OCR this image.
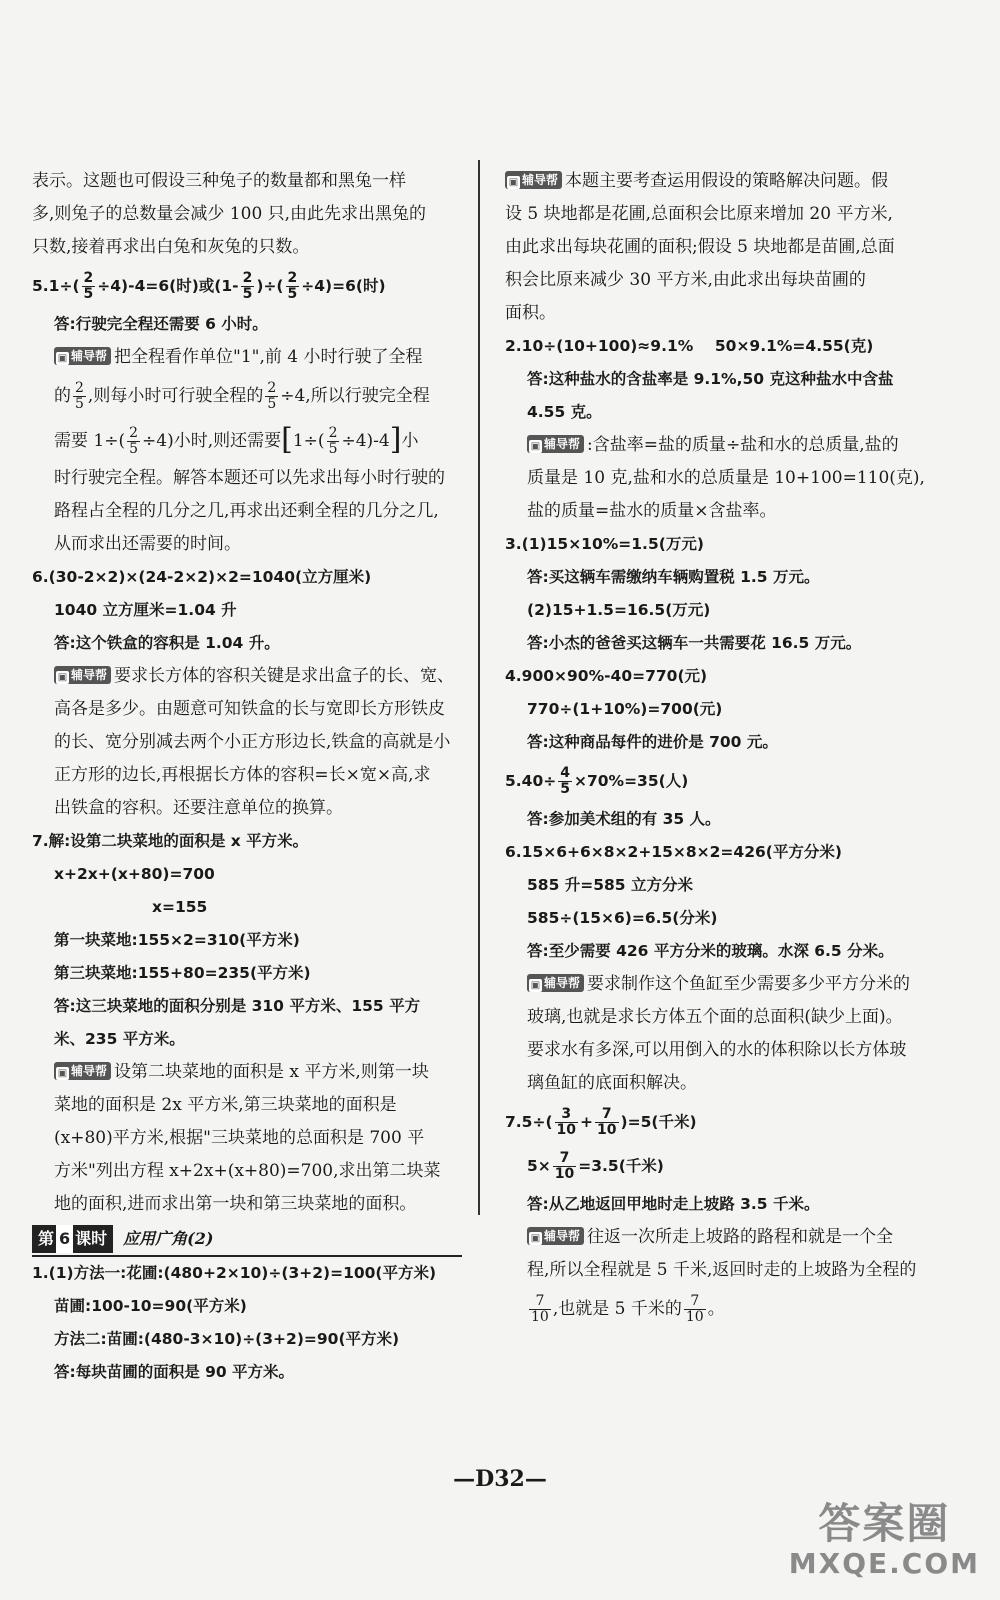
表示。这题也可假设三种兔子的数量都和黑兔一样
多,则兔子的总数量会减少 100 只,由此先求出黑兔的
只数,接着再求出白兔和灰兔的只数。
$5.1\div( \frac{2}{5} \div 4)-4=6$(时)或($1- \frac{2}{5}$ )÷( $\frac{2}{5} \div 4)=6$(时)
答:行驶完全程还需要 6 小时。
▣ 辅导帮 把全程看作单位"1",前 4 小时行驶了全程
的 $\frac{2}{5}$ ,则每小时可行驶全程的 $\frac{2}{5} \div 4$,所以行驶完全程
需要 $1\div( \frac{2}{5} \div 4)$小时,则还需要$[1\div( \frac{2}{5} \div 4)-4]$小
时行驶完全程。解答本题还可以先求出每小时行驶的
路程占全程的几分之几,再求出还剩全程的几分之几,
从而求出还需要的时间。
6.(30-2×2)×(24-2×2)×2=1040(立方厘米)
1040 立方厘米=1.04 升
答:这个铁盒的容积是 1.04 升。
▣ 辅导帮 要求长方体的容积关键是求出盒子的长、宽、
高各是多少。由题意可知铁盒的长与宽即长方形铁皮
的长、宽分别减去两个小正方形边长,铁盒的高就是小
正方形的边长,再根据长方体的容积=长×宽×高,求
出铁盒的容积。还要注意单位的换算。
7.解:设第二块菜地的面积是 x 平方米。
x+2x+(x+80)=700
x=155
第一块菜地:155×2=310(平方米)
第三块菜地:155+80=235(平方米)
答:这三块菜地的面积分别是 310 平方米、155 平方
米、235 平方米。
▣ 辅导帮 设第二块菜地的面积是 x 平方米,则第一块
菜地的面积是 2x 平方米,第三块菜地的面积是
(x+80)平方米,根据"三块菜地的总面积是 700 平
方米"列出方程 x+2x+(x+80)=700,求出第二块菜
地的面积,进而求出第一块和第三块菜地的面积。
第 6 课时 应用广角(2)
1.(1)方法一:花圃:(480+2×10)÷(3+2)=100(平方米)
苗圃:100-10=90(平方米)
方法二:苗圃:(480-3×10)÷(3+2)=90(平方米)
答:每块苗圃的面积是 90 平方米。
▣ 辅导帮 本题主要考查运用假设的策略解决问题。假
设 5 块地都是花圃,总面积会比原来增加 20 平方米,
由此求出每块花圃的面积;假设 5 块地都是苗圃,总面
积会比原来减少 30 平方米,由此求出每块苗圃的
面积。
2.10÷(10+100)≈9.1%    50×9.1%=4.55(克)
答:这种盐水的含盐率是 9.1%,50 克这种盐水中含盐
4.55 克。
▣ 辅导帮 :含盐率=盐的质量÷盐和水的总质量,盐的
质量是 10 克,盐和水的总质量是 10+100=110(克),
盐的质量=盐水的质量×含盐率。
3.(1)15×10%=1.5(万元)
答:买这辆车需缴纳车辆购置税 1.5 万元。
(2)15+1.5=16.5(万元)
答:小杰的爸爸买这辆车一共需要花 16.5 万元。
4.900×90%-40=770(元)
770÷(1+10%)=700(元)
答:这种商品每件的进价是 700 元。
$5.40\div \frac{4}{5} \times 70\%=35$(人)
答:参加美术组的有 35 人。
6.15×6+6×8×2+15×8×2=426(平方分米)
585 升=585 立方分米
585÷(15×6)=6.5(分米)
答:至少需要 426 平方分米的玻璃。水深 6.5 分米。
▣ 辅导帮 要求制作这个鱼缸至少需要多少平方分米的
玻璃,也就是求长方体五个面的总面积(缺少上面)。
要求水有多深,可以用倒入的水的体积除以长方体玻
璃鱼缸的底面积解决。
$7.5\div( \frac{3}{10} + \frac{7}{10} )=5$(千米)
$5\times \frac{7}{10} =3.5$(千米)
答:从乙地返回甲地时走上坡路 3.5 千米。
▣ 辅导帮 往返一次所走上坡路的路程和就是一个全
程,所以全程就是 5 千米,返回时走的上坡路为全程的
$\frac{7}{10}$ ,也就是 5 千米的 $\frac{7}{10}$ 。
—D32—
答案圈
MXQE.COM
